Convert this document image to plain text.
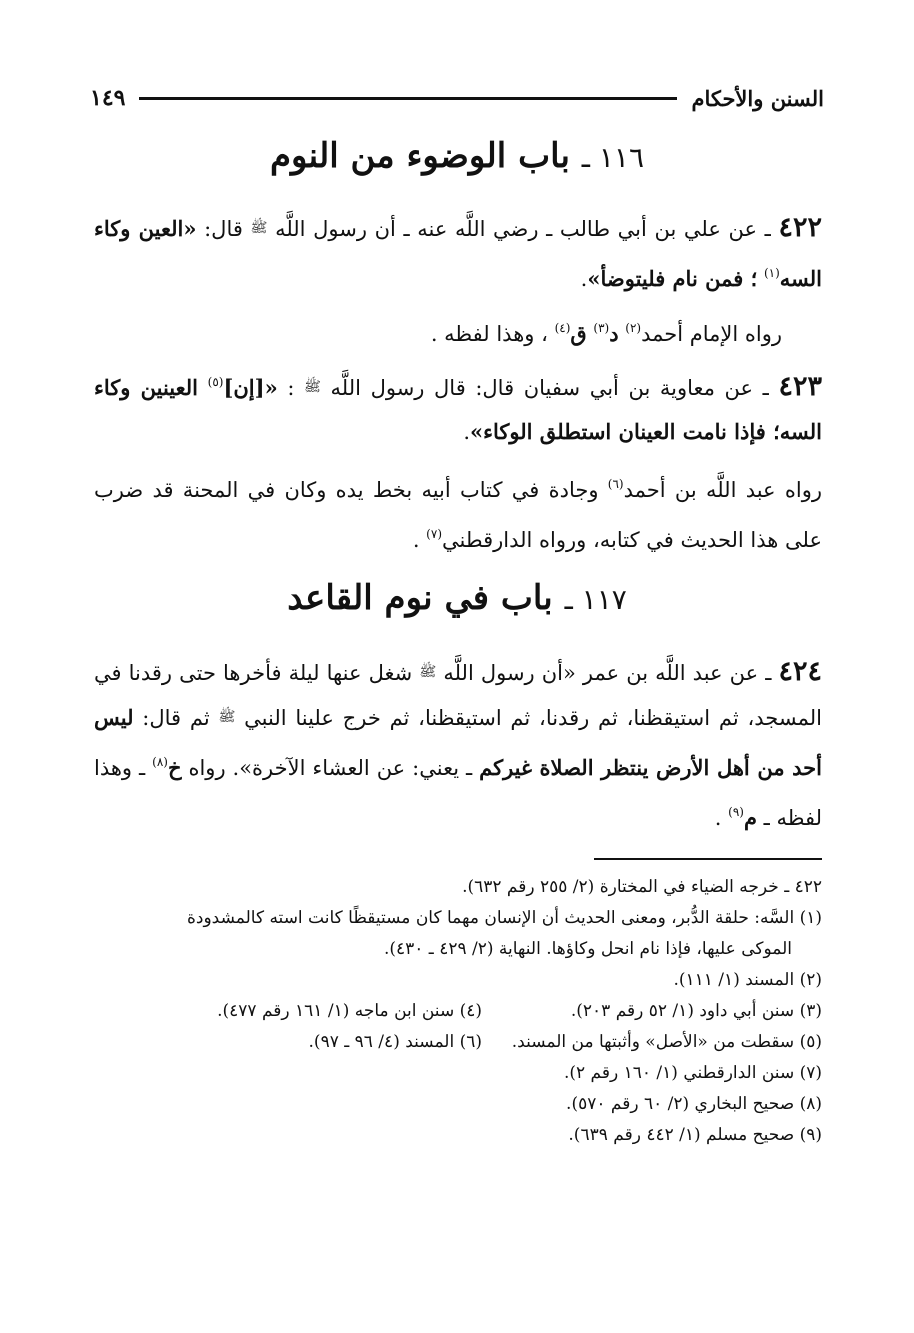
السنن والأحكام
١٤٩
١١٦ ـ باب الوضوء من النوم
٤٢٢ ـ عن علي بن أبي طالب ـ رضي اللَّه عنه ـ أن رسول اللَّه ﷺ قال: «العين وكاء السه$^{(١)}$ ؛ فمن نام فليتوضأ».
رواه الإمام أحمد$^{(٢)}$ د$^{(٣)}$ ق$^{(٤)}$ ، وهذا لفظه .
٤٢٣ ـ عن معاوية بن أبي سفيان قال: قال رسول اللَّه ﷺ : «[إن]$^{(٥)}$ العينين وكاء السه؛ فإذا نامت العينان استطلق الوكاء».
رواه عبد اللَّه بن أحمد$^{(٦)}$ وجادة في كتاب أبيه بخط يده وكان في المحنة قد ضرب على هذا الحديث في كتابه، ورواه الدارقطني$^{(٧)}$ .
١١٧ ـ باب في نوم القاعد
٤٢٤ ـ عن عبد اللَّه بن عمر «أن رسول اللَّه ﷺ شغل عنها ليلة فأخرها حتى رقدنا في المسجد، ثم استيقظنا، ثم رقدنا، ثم استيقظنا، ثم خرج علينا النبي ﷺ ثم قال: ليس أحد من أهل الأرض ينتظر الصلاة غيركم ـ يعني: عن العشاء الآخرة». رواه خ$^{(٨)}$ ـ وهذا لفظه ـ م$^{(٩)}$ .
٤٢٢ ـ خرجه الضياء في المختارة (٢/ ٢٥٥ رقم ٦٣٢).
(١) السَّه: حلقة الدُّبر، ومعنى الحديث أن الإنسان مهما كان مستيقظًا كانت استه كالمشدودة
الموكى عليها، فإذا نام انحل وكاؤها. النهاية (٢/ ٤٢٩ ـ ٤٣٠).
(٢) المسند (١/ ١١١).
(٣) سنن أبي داود (١/ ٥٢ رقم ٢٠٣).
(٤) سنن ابن ماجه (١/ ١٦١ رقم ٤٧٧).
(٥) سقطت من «الأصل» وأثبتها من المسند.
(٦) المسند (٤/ ٩٦ ـ ٩٧).
(٧) سنن الدارقطني (١/ ١٦٠ رقم ٢).
(٨) صحيح البخاري (٢/ ٦٠ رقم ٥٧٠).
(٩) صحيح مسلم (١/ ٤٤٢ رقم ٦٣٩).
